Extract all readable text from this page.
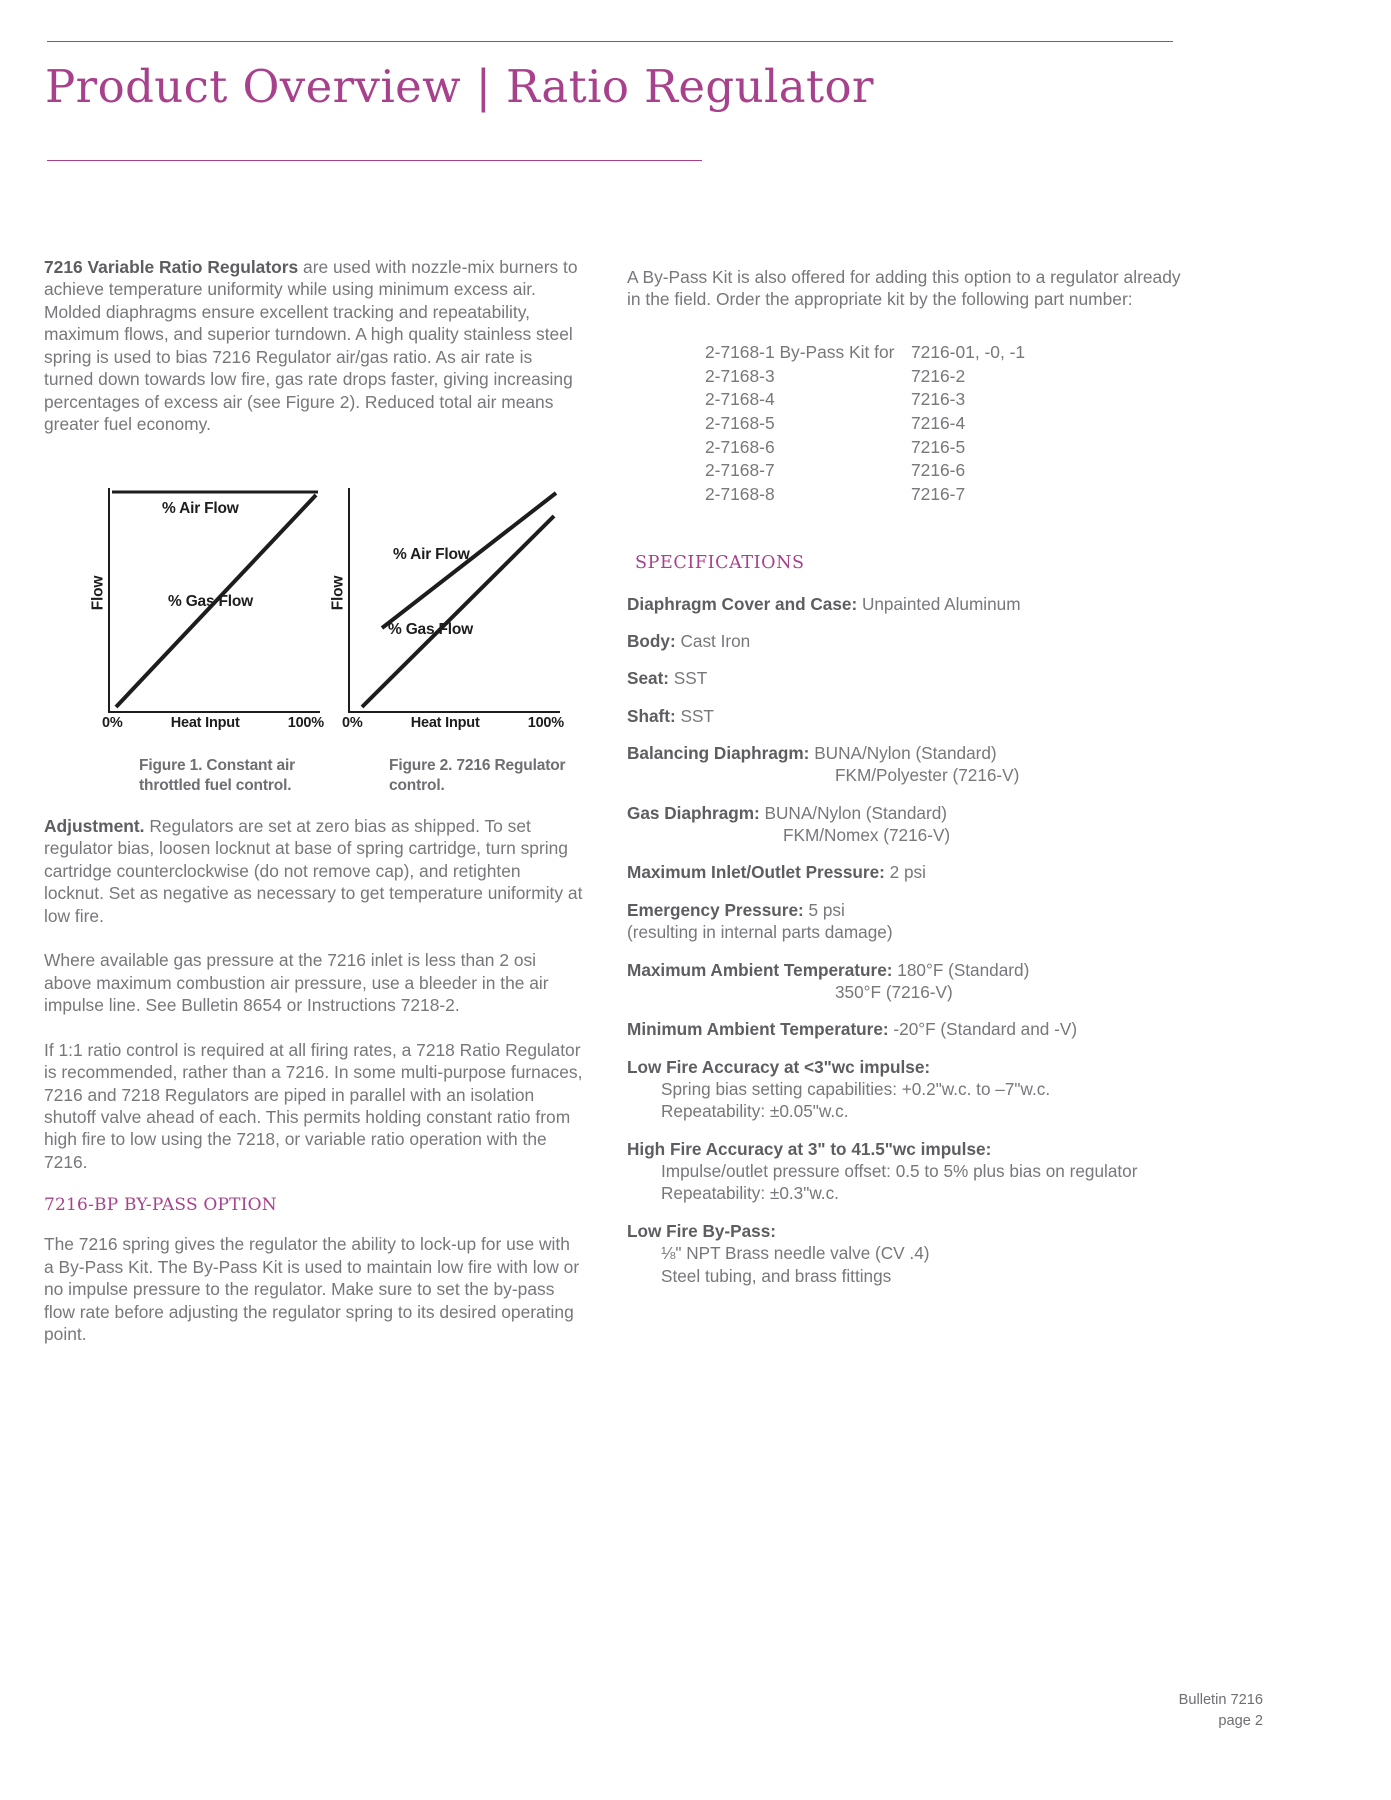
Product Overview | Ratio Regulator

7216 Variable Ratio Regulators are used with nozzle-mix burners to achieve temperature uniformity while using minimum excess air. Molded diaphragms ensure excellent tracking and repeatability, maximum flows, and superior turndown. A high quality stainless steel spring is used to bias 7216 Regulator air/gas ratio. As air rate is turned down towards low fire, gas rate drops faster, giving increasing percentages of excess air (see Figure 2). Reduced total air means greater fuel economy.

Flow
% Air Flow
% Gas Flow
0%	Heat Input	100%
Flow
% Air Flow
% Gas Flow
0%	Heat Input	100%
Figure 1. Constant air throttled fuel control.
Figure 2. 7216 Regulator control.

Adjustment. Regulators are set at zero bias as shipped. To set regulator bias, loosen locknut at base of spring cartridge, turn spring cartridge counterclockwise (do not remove cap), and retighten locknut. Set as negative as necessary to get temperature uniformity at low fire.

Where available gas pressure at the 7216 inlet is less than 2 osi above maximum combustion air pressure, use a bleeder in the air impulse line. See Bulletin 8654 or Instructions 7218-2.

If 1:1 ratio control is required at all firing rates, a 7218 Ratio Regulator is recommended, rather than a 7216. In some multi-purpose furnaces, 7216 and 7218 Regulators are piped in parallel with an isolation shutoff valve ahead of each. This permits holding constant ratio from high fire to low using the 7218, or variable ratio operation with the 7216.

7216-BP BY-PASS OPTION

The 7216 spring gives the regulator the ability to lock-up for use with a By-Pass Kit. The By-Pass Kit is used to maintain low fire with low or no impulse pressure to the regulator. Make sure to set the by-pass flow rate before adjusting the regulator spring to its desired operating point.

A By-Pass Kit is also offered for adding this option to a regulator already in the field. Order the appropriate kit by the following part number:

2-7168-1 By-Pass Kit for 7216-01, -0, -1
2-7168-3	7216-2
2-7168-4	7216-3
2-7168-5	7216-4
2-7168-6	7216-5
2-7168-7	7216-6
2-7168-8	7216-7
SPECIFICATIONS

Diaphragm Cover and Case: Unpainted Aluminum

Body: Cast Iron

Seat: SST

Shaft: SST

Balancing Diaphragm: BUNA/Nylon (Standard)
FKM/Polyester (7216-V)

Gas Diaphragm: BUNA/Nylon (Standard)
FKM/Nomex (7216-V)

Maximum Inlet/Outlet Pressure: 2 psi

Emergency Pressure: 5 psi
(resulting in internal parts damage)

Maximum Ambient Temperature: 180°F (Standard)
350°F (7216-V)

Minimum Ambient Temperature: -20°F (Standard and -V)

Low Fire Accuracy at <3"wc impulse:
Spring bias setting capabilities: +0.2"w.c. to –7"w.c.
Repeatability: ±0.05"w.c.

High Fire Accuracy at 3" to 41.5"wc impulse:
Impulse/outlet pressure offset: 0.5 to 5% plus bias on regulator
Repeatability: ±0.3"w.c.

Low Fire By-Pass:
⅛" NPT Brass needle valve (CV .4)
Steel tubing, and brass fittings

Bulletin 7216
page 2
